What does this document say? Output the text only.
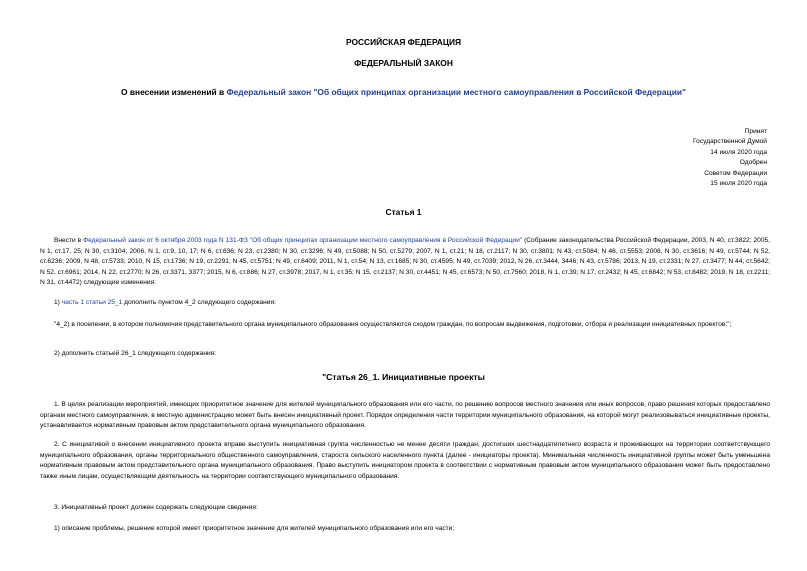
РОССИЙСКАЯ ФЕДЕРАЦИЯ
ФЕДЕРАЛЬНЫЙ ЗАКОН
О внесении изменений в Федеральный закон "Об общих принципах организации местного самоуправления в Российской Федерации"
Принят
Государственной Думой
14 июля 2020 года
Одобрен
Советом Федерации
15 июля 2020 года
Статья 1
Внести в Федеральный закон от 6 октября 2003 года N 131-ФЗ "Об общих принципах организации местного самоуправления в Российской Федерации" (Собрание законодательства Российской Федерации, 2003, N 40, ст.3822; 2005, N 1, ст.17, 25; N 30, ст.3104; 2006, N 1, ст.9, 10, 17; N 6, ст.636; N 23, ст.2380; N 30, ст.3296; N 49, ст.5088; N 50, ст.5279; 2007, N 1, ст.21; N 18, ст.2117; N 30, ст.3801; N 43, ст.5084; N 46, ст.5553; 2008, N 30, ст.3616; N 49, ст.5744; N 52, ст.6236; 2009, N 48, ст.5733; 2010, N 15, ст.1736; N 19, ст.2291; N 45, ст.5751; N 49, ст.6409; 2011, N 1, ст.54; N 13, ст.1685; N 30, ст.4595; N 49, ст.7039; 2012, N 26, ст.3444, 3446; N 43, ст.5786; 2013, N 19, ст.2331; N 27, ст.3477; N 44, ст.5642; N 52, ст.6961; 2014, N 22, ст.2770; N 26, ст.3371, 3377; 2015, N 6, ст.886; N 27, ст.3978; 2017, N 1, ст.35; N 15, ст.2137; N 30, ст.4451; N 45, ст.6573; N 50, ст.7560; 2018, N 1, ст.39; N 17, ст.2432; N 45, ст.6842; N 53, ст.8482; 2019, N 18, ст.2211; N 31, ст.4472) следующие изменения:
1) часть 1 статьи 25_1 дополнить пунктом 4_2 следующего содержания:
"4_2) в поселении, в котором полномочия представительного органа муниципального образования осуществляются сходом граждан, по вопросам выдвижения, подготовки, отбора и реализации инициативных проектов;";
2) дополнить статьей 26_1 следующего содержания:
"Статья 26_1. Инициативные проекты
1. В целях реализации мероприятий, имеющих приоритетное значение для жителей муниципального образования или его части, по решению вопросов местного значения или иных вопросов, право решения которых предоставлено органам местного самоуправления, в местную администрацию может быть внесен инициативный проект. Порядок определения части территории муниципального образования, на которой могут реализовываться инициативные проекты, устанавливается нормативным правовым актом представительного органа муниципального образования.
2. С инициативой о внесении инициативного проекта вправе выступить инициативная группа численностью не менее десяти граждан, достигших шестнадцатилетнего возраста и проживающих на территории соответствующего муниципального образования, органы территориального общественного самоуправления, староста сельского населенного пункта (далее - инициаторы проекта). Минимальная численность инициативной группы может быть уменьшена нормативным правовым актом представительного органа муниципального образования. Право выступить инициатором проекта в соответствии с нормативным правовым актом муниципального образования может быть предоставлено также иным лицам, осуществляющим деятельность на территории соответствующего муниципального образования.
3. Инициативный проект должен содержать следующие сведения:
1) описание проблемы, решение которой имеет приоритетное значение для жителей муниципального образования или его части;
